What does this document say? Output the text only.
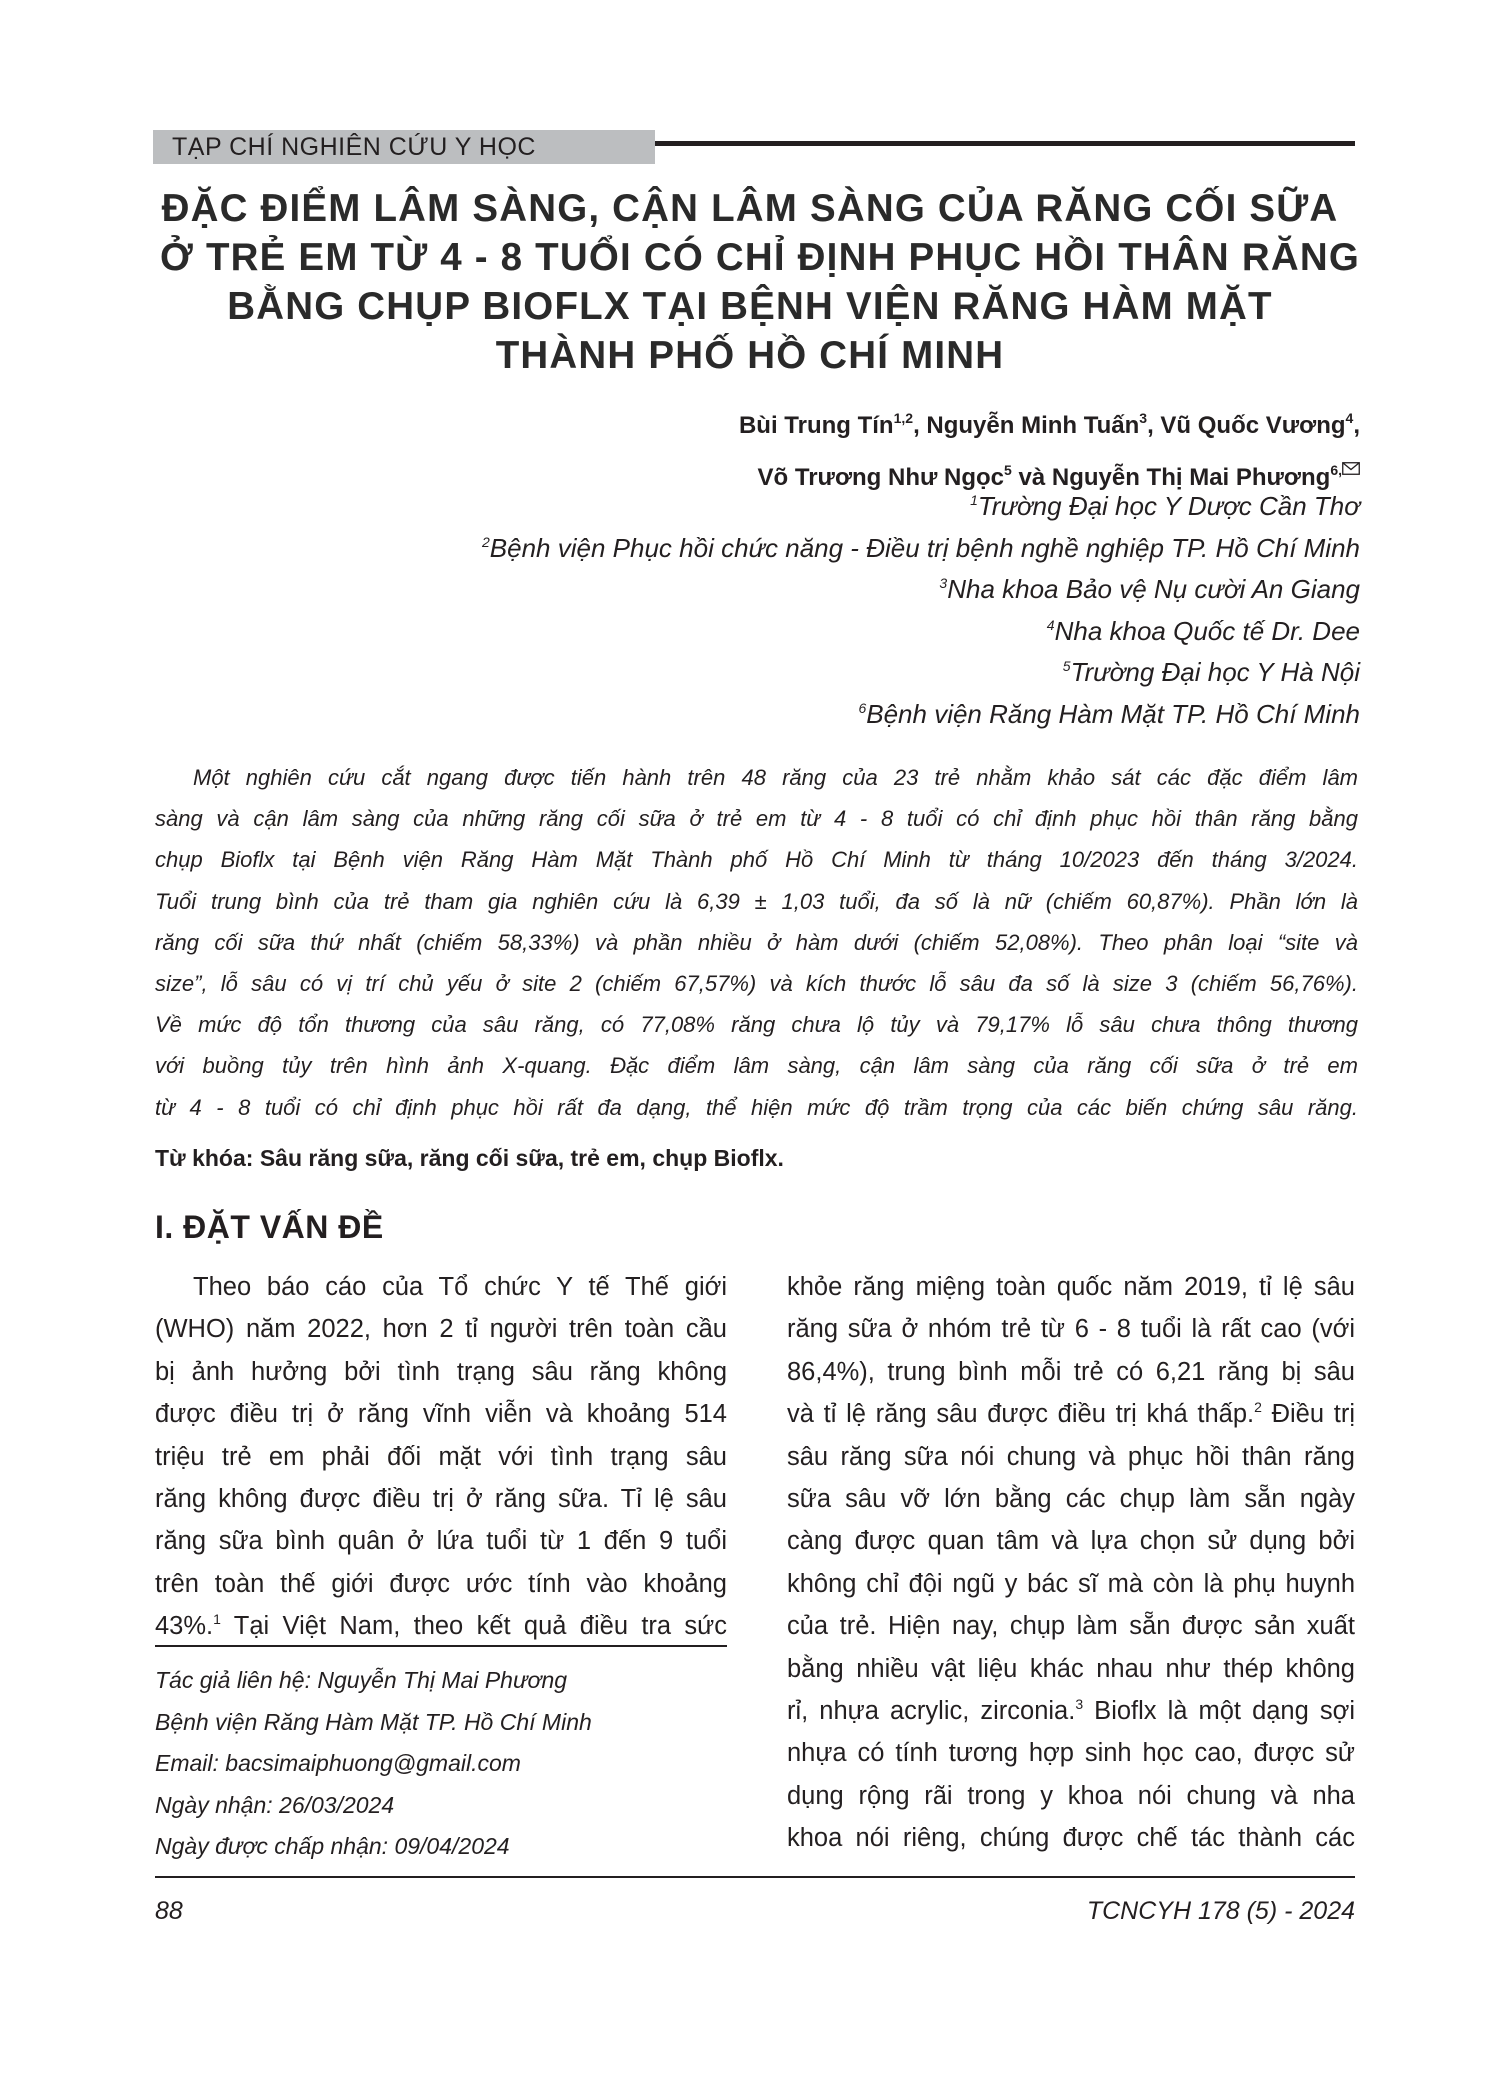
TẠP CHÍ NGHIÊN CỨU Y HỌC
ĐẶC ĐIỂM LÂM SÀNG, CẬN LÂM SÀNG CỦA RĂNG CỐI SỮA
Ở TRẺ EM TỪ 4 - 8 TUỔI CÓ CHỈ ĐỊNH PHỤC HỒI THÂN RĂNG
BẰNG CHỤP BIOFLX TẠI BỆNH VIỆN RĂNG HÀM MẶT
THÀNH PHỐ HỒ CHÍ MINH
Bùi Trung Tín$^{1,2}$, Nguyễn Minh Tuấn$^3$, Vũ Quốc Vương$^4$,
Võ Trương Như Ngọc$^5$ và Nguyễn Thị Mai Phương$^{6,}$
$^1$Trường Đại học Y Dược Cần Thơ
$^2$Bệnh viện Phục hồi chức năng - Điều trị bệnh nghề nghiệp TP. Hồ Chí Minh
$^3$Nha khoa Bảo vệ Nụ cười An Giang
$^4$Nha khoa Quốc tế Dr. Dee
$^5$Trường Đại học Y Hà Nội
$^6$Bệnh viện Răng Hàm Mặt TP. Hồ Chí Minh
Một nghiên cứu cắt ngang được tiến hành trên 48 răng của 23 trẻ nhằm khảo sát các đặc điểm lâm
sàng và cận lâm sàng của những răng cối sữa ở trẻ em từ 4 - 8 tuổi có chỉ định phục hồi thân răng bằng
chụp Bioflx tại Bệnh viện Răng Hàm Mặt Thành phố Hồ Chí Minh từ tháng 10/2023 đến tháng 3/2024.
Tuổi trung bình của trẻ tham gia nghiên cứu là 6,39 ± 1,03 tuổi, đa số là nữ (chiếm 60,87%). Phần lớn là
răng cối sữa thứ nhất (chiếm 58,33%) và phần nhiều ở hàm dưới (chiếm 52,08%). Theo phân loại “site và
size”, lỗ sâu có vị trí chủ yếu ở site 2 (chiếm 67,57%) và kích thước lỗ sâu đa số là size 3 (chiếm 56,76%).
Về mức độ tổn thương của sâu răng, có 77,08% răng chưa lộ tủy và 79,17% lỗ sâu chưa thông thương
với buồng tủy trên hình ảnh X-quang. Đặc điểm lâm sàng, cận lâm sàng của răng cối sữa ở trẻ em
từ 4 - 8 tuổi có chỉ định phục hồi rất đa dạng, thể hiện mức độ trầm trọng của các biến chứng sâu răng.
Từ khóa: Sâu răng sữa, răng cối sữa, trẻ em, chụp Bioflx.
I. ĐẶT VẤN ĐỀ
Theo báo cáo của Tổ chức Y tế Thế giới
(WHO) năm 2022, hơn 2 tỉ người trên toàn cầu
bị ảnh hưởng bởi tình trạng sâu răng không
được điều trị ở răng vĩnh viễn và khoảng 514
triệu trẻ em phải đối mặt với tình trạng sâu
răng không được điều trị ở răng sữa. Tỉ lệ sâu
răng sữa bình quân ở lứa tuổi từ 1 đến 9 tuổi
trên toàn thế giới được ước tính vào khoảng
43%.$^1$ Tại Việt Nam, theo kết quả điều tra sức
Tác giả liên hệ: Nguyễn Thị Mai Phương
Bệnh viện Răng Hàm Mặt TP. Hồ Chí Minh
Email: bacsimaiphuong@gmail.com
Ngày nhận: 26/03/2024
Ngày được chấp nhận: 09/04/2024
khỏe răng miệng toàn quốc năm 2019, tỉ lệ sâu
răng sữa ở nhóm trẻ từ 6 - 8 tuổi là rất cao (với
86,4%), trung bình mỗi trẻ có 6,21 răng bị sâu
và tỉ lệ răng sâu được điều trị khá thấp.$^2$ Điều trị
sâu răng sữa nói chung và phục hồi thân răng
sữa sâu vỡ lớn bằng các chụp làm sẵn ngày
càng được quan tâm và lựa chọn sử dụng bởi
không chỉ đội ngũ y bác sĩ mà còn là phụ huynh
của trẻ. Hiện nay, chụp làm sẵn được sản xuất
bằng nhiều vật liệu khác nhau như thép không
rỉ, nhựa acrylic, zirconia.$^3$ Bioflx là một dạng sợi
nhựa có tính tương hợp sinh học cao, được sử
dụng rộng rãi trong y khoa nói chung và nha
khoa nói riêng, chúng được chế tác thành các
88	TCNCYH 178 (5) - 2024
